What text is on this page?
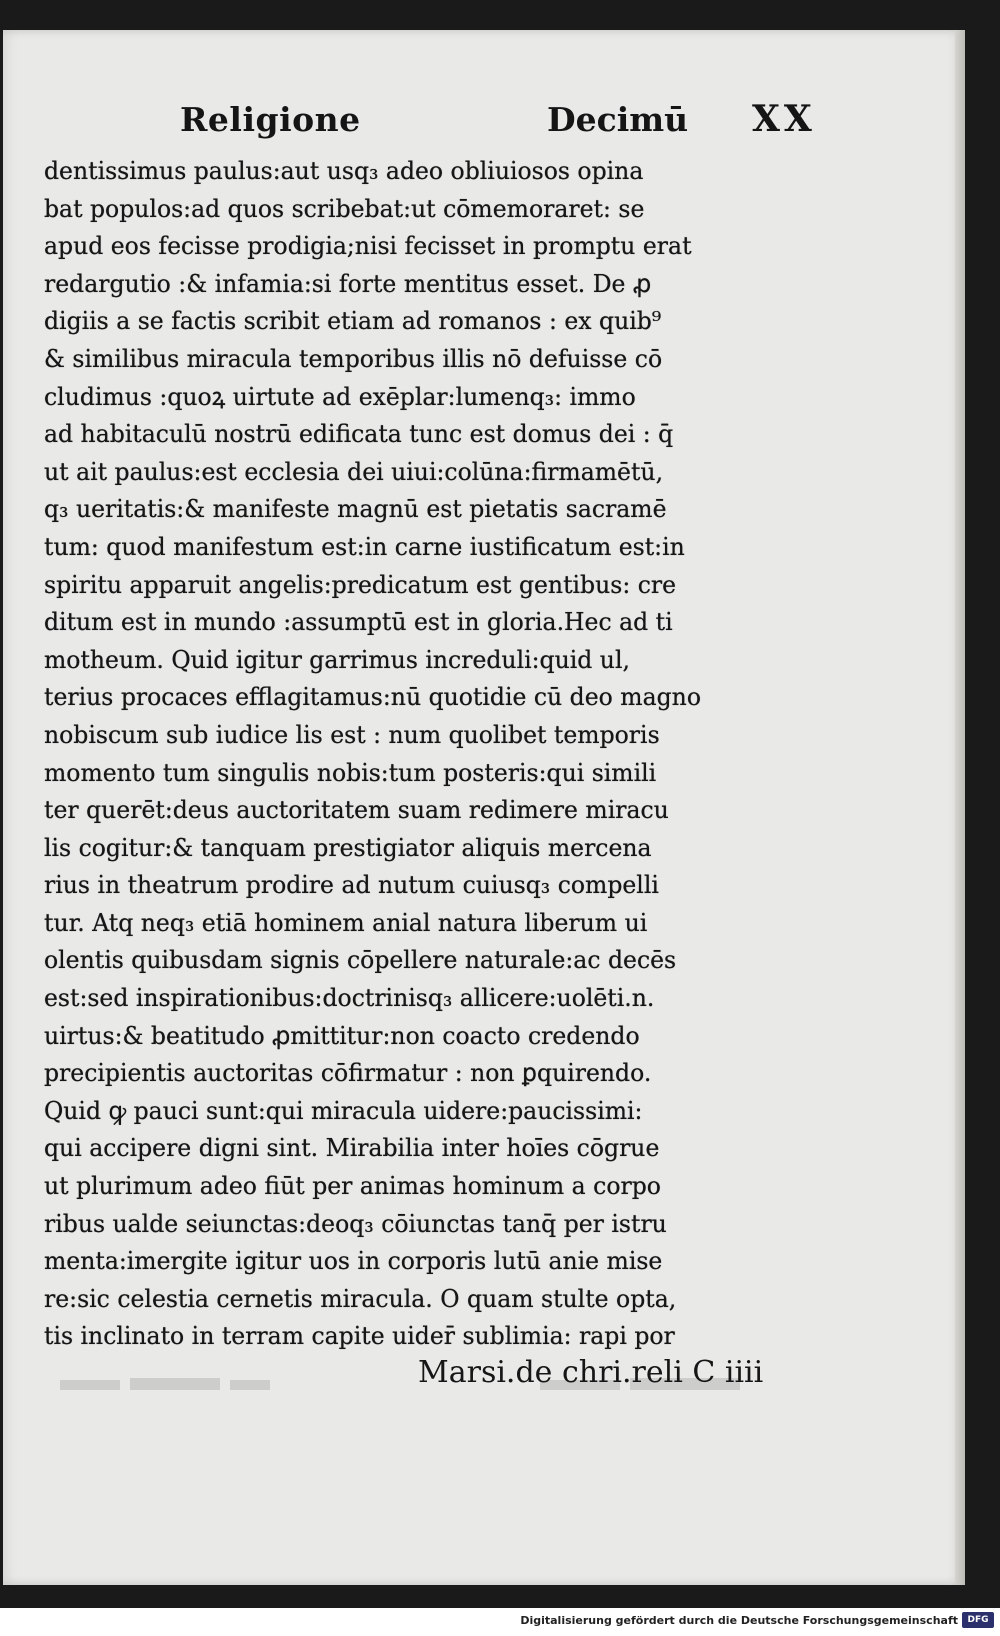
Religione	Decimū XX
dentissimus paulus:aut usq₃ adeo obliuiosos opina
bat populos:ad quos scribebat:ut cōmemoraret: se
apud eos fecisse prodigia;nisi fecisset in promptu erat
redargutio :& infamia:si forte mentitus esset. De ꝓ
digiis a se factis scribit etiam ad romanos : ex quib⁹
& similibus miracula temporibus illis nō defuisse cō
cludimus :quoꝝ uirtute ad exēplar:lumenq₃: immo
ad habitaculū nostrū edificata tunc est domus dei : q̄
ut ait paulus:est ecclesia dei uiui:colūna:firmamētū,
q₃ ueritatis:& manifeste magnū est pietatis sacramē
tum: quod manifestum est:in carne iustificatum est:in
spiritu apparuit angelis:predicatum est gentibus: cre
ditum est in mundo :assumptū est in gloria.Hec ad ti
motheum. Quid igitur garrimus increduli:quid ul,
terius procaces efflagitamus:nū quotidie cū deo magno
nobiscum sub iudice lis est : num quolibet temporis
momento tum singulis nobis:tum posteris:qui simili
ter querēt:deus auctoritatem suam redimere miracu
lis cogitur:& tanquam prestigiator aliquis mercena
rius in theatrum prodire ad nutum cuiusq₃ compelli
tur. Atq neq₃ etiā hominem anial natura liberum ui
olentis quibusdam signis cōpellere naturale:ac decēs
est:sed inspirationibus:doctrinisq₃ allicere:uolēti.n.
uirtus:& beatitudo ꝓmittitur:non coacto credendo
precipientis auctoritas cōfirmatur : non ꝑquirendo.
Quid ꝙ pauci sunt:qui miracula uidere:paucissimi:
qui accipere digni sint. Mirabilia inter hoīes cōgrue
ut plurimum adeo fiūt per animas hominum a corpo
ribus ualde seiunctas:deoq₃ cōiunctas tanq̄ per istru
menta:imergite igitur uos in corporis lutū anie mise
re:sic celestia cernetis miracula. O quam stulte opta,
tis inclinato in terram capite uider̄ sublimia: rapi por
Marsi.de chri.reli C iiii
Digitalisierung gefördert durch die Deutsche Forschungsgemeinschaft	DFG
